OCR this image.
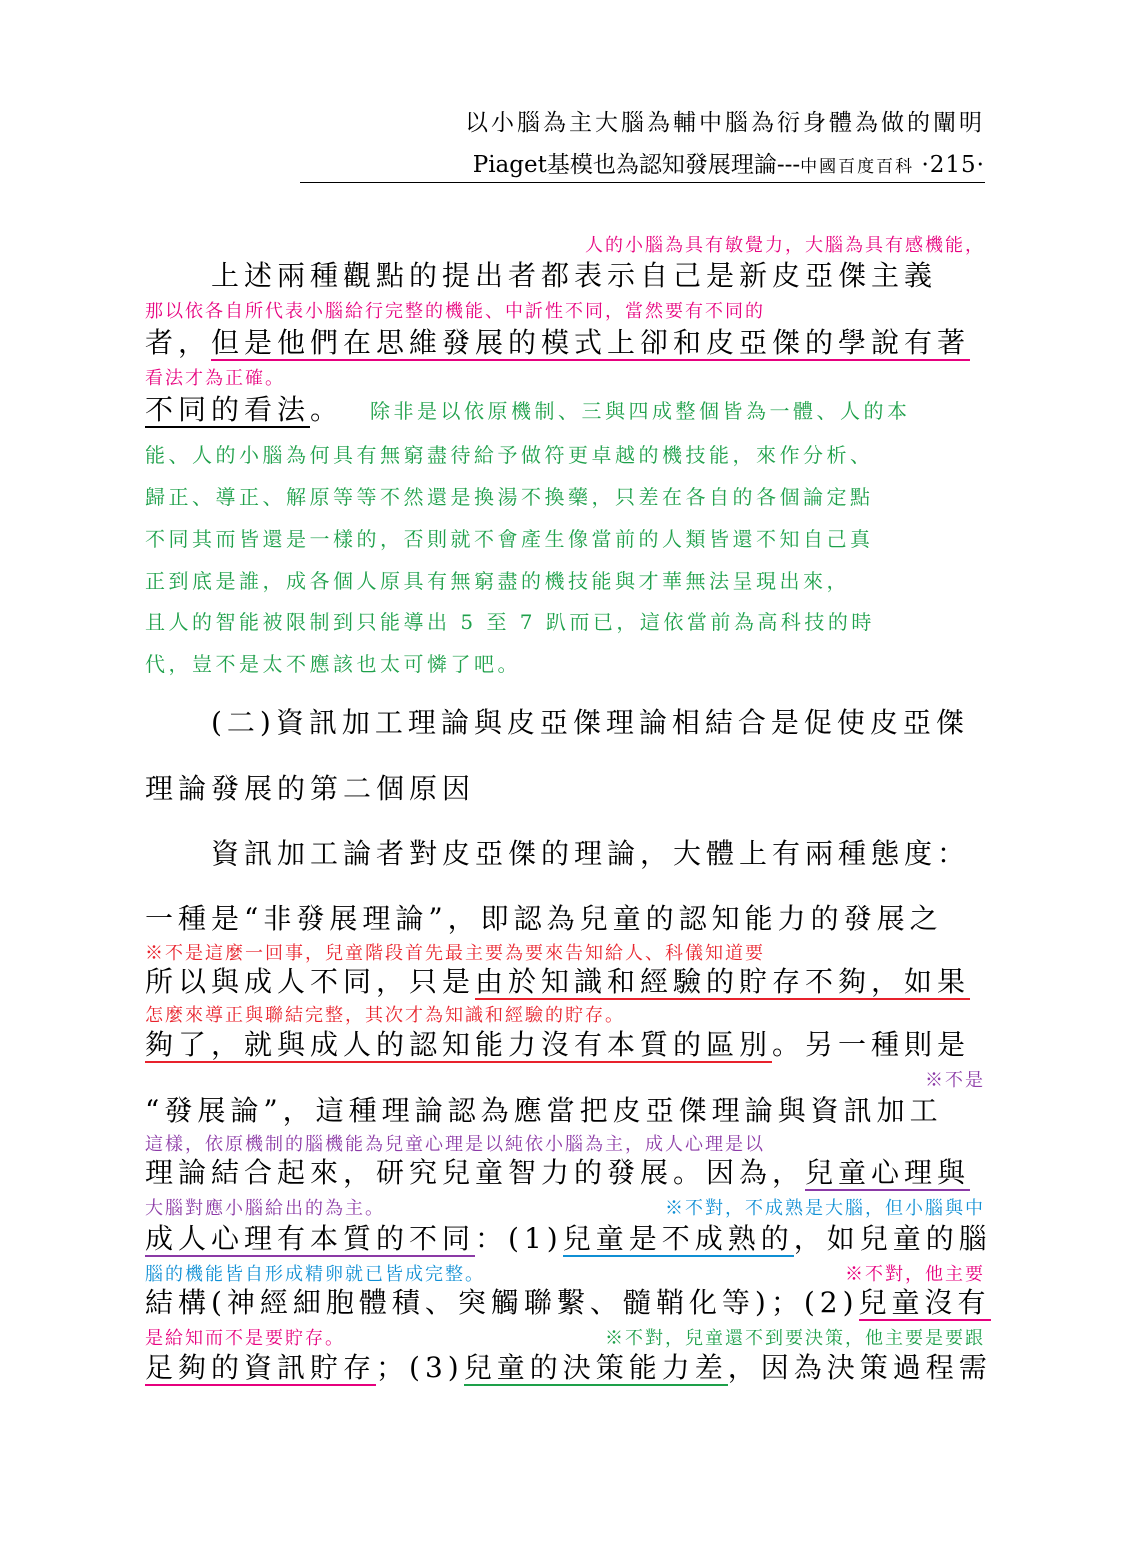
以小腦為主大腦為輔中腦為衍身體為做的闡明
Piaget基模也為認知發展理論---中國百度百科 ·215·
人的小腦為具有敏覺力，大腦為具有感機能，
上述兩種觀點的提出者都表示自己是新皮亞傑主義
那以依各自所代表小腦給行完整的機能、中訢性不同，當然要有不同的
者，但是他們在思維發展的模式上卻和皮亞傑的學說有著
看法才為正確。
不同的看法。	除非是以依原機制、三與四成整個皆為一體、人的本
能、人的小腦為何具有無窮盡待給予做符更卓越的機技能，來作分析、
歸正、導正、解原等等不然還是換湯不換藥，只差在各自的各個論定點
不同其而皆還是一樣的，否則就不會產生像當前的人類皆還不知自己真
正到底是誰，成各個人原具有無窮盡的機技能與才華無法呈現出來，
且人的智能被限制到只能導出 5 至 7 趴而已，這依當前為高科技的時
代，豈不是太不應該也太可憐了吧。
(二)資訊加工理論與皮亞傑理論相結合是促使皮亞傑
理論發展的第二個原因
資訊加工論者對皮亞傑的理論，大體上有兩種態度：
一種是“非發展理論”，即認為兒童的認知能力的發展之
※不是這麼一回事，兒童階段首先最主要為要來告知給人、科儀知道要
所以與成人不同，只是由於知識和經驗的貯存不夠，如果
怎麼來導正與聯結完整，其次才為知識和經驗的貯存。
夠了，就與成人的認知能力沒有本質的區別。另一種則是
※不是
“發展論”，這種理論認為應當把皮亞傑理論與資訊加工
這樣，依原機制的腦機能為兒童心理是以純依小腦為主，成人心理是以
理論結合起來，研究兒童智力的發展。因為，兒童心理與
大腦對應小腦給出的為主。	※不對，不成熟是大腦，但小腦與中
成人心理有本質的不同：(1)兒童是不成熟的，如兒童的腦
腦的機能皆自形成精卵就已皆成完整。	※不對，他主要
結構(神經細胞體積、突觸聯繫、髓鞘化等)；(2)兒童沒有
是給知而不是要貯存。	※不對，兒童還不到要決策，他主要是要跟
足夠的資訊貯存；(3)兒童的決策能力差，因為決策過程需
